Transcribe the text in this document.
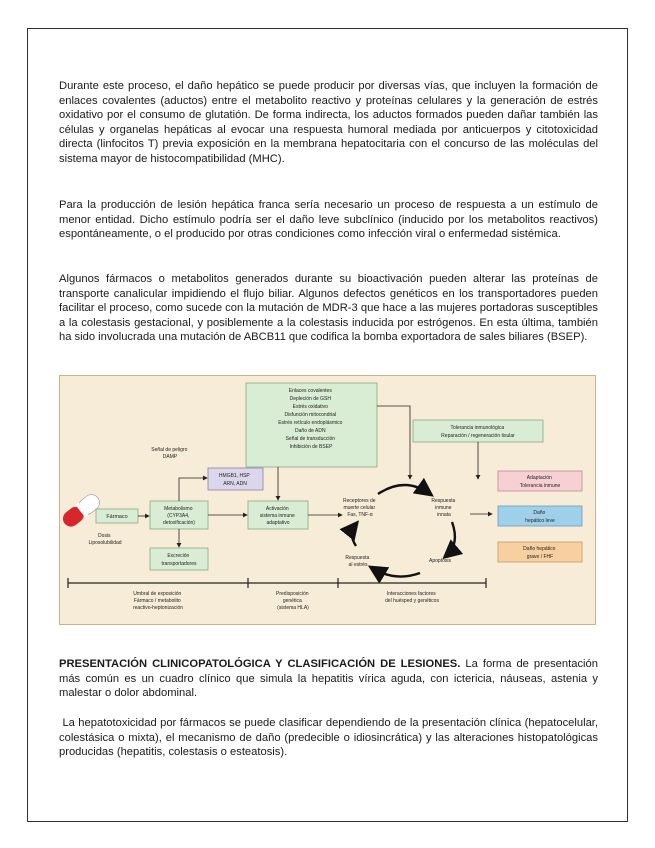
Durante este proceso, el daño hepático se puede producir por diversas vías, que incluyen la formación de enlaces covalentes (aductos) entre el metabolito reactivo y proteínas celulares y la generación de estrés oxidativo por el consumo de glutatión. De forma indirecta, los aductos formados pueden dañar también las células y organelas hepáticas al evocar una respuesta humoral mediada por anticuerpos y citotoxicidad directa (linfocitos T) previa exposición en la membrana hepatocitaria con el concurso de las moléculas del sistema mayor de histocompatibilidad (MHC).

Para la producción de lesión hepática franca sería necesario un proceso de respuesta a un estímulo de menor entidad. Dicho estímulo podría ser el daño leve subclínico (inducido por los metabolitos reactivos) espontáneamente, o el producido por otras condiciones como infección viral o enfermedad sistémica.

Algunos fármacos o metabolitos generados durante su bioactivación pueden alterar las proteínas de transporte canalicular impidiendo el flujo biliar. Algunos defectos genéticos en los transportadores pueden facilitar el proceso, como sucede con la mutación de MDR-3 que hace a las mujeres portadoras susceptibles a la colestasis gestacional, y posiblemente a la colestasis inducida por estrógenos. En esta última, también ha sido involucrada una mutación de ABCB11 que codifica la bomba exportadora de sales biliares (BSEP).

Enlaces covalentes Depleción de GSH Estrés oxidativo Disfunción mitocondrial Estrés retículo endoplásmico Daño de ADN Señal de transducción Inhibición de BSEP
Tolerancia inmunológica Reparación / regeneración tisular
Señal de peligro DAMP
HMGB1, HSP ARN, ADN
Fármaco
Dosis Liposolubilidad
Metabolismo (CYP3A4, detoxificación)
Activación sistema inmune adaptativo
Excreción transportadores
Receptores de muerte celular Fas, TNF-α
Respuesta inmune innata
Apoptosis
Respuesta al estrés
Adaptación Tolerancia inmune
Daño hepático leve
Daño hepático grave / FHF
Umbral de exposición Fármaco / metabolito reactivo-heptonización
Predisposición genética (sistema HLA)
Interacciones factores del huésped y genéticos

PRESENTACIÓN CLINICOPATOLÓGICA Y CLASIFICACIÓN DE LESIONES. La forma de presentación más común es un cuadro clínico que simula la hepatitis vírica aguda, con ictericia, náuseas, astenia y malestar o dolor abdominal.

La hepatotoxicidad por fármacos se puede clasificar dependiendo de la presentación clínica (hepatocelular, colestásica o mixta), el mecanismo de daño (predecible o idiosincrática) y las alteraciones histopatológicas producidas (hepatitis, colestasis o esteatosis).
